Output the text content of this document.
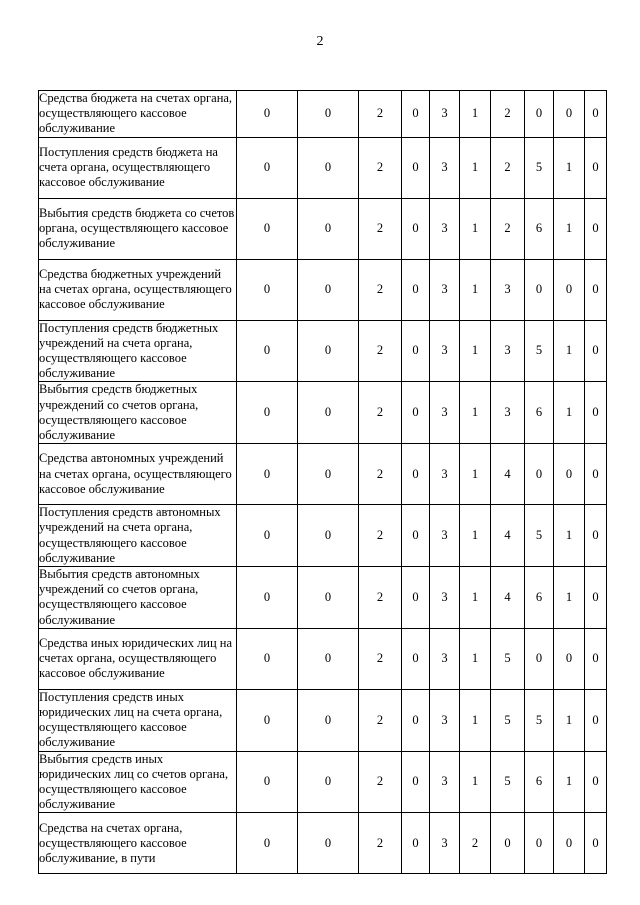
2
Средства бюджета на счетах органа, осуществляющего кассовое обслуживание	0	0	2	0	3	1	2	0	0	0
Поступления средств бюджета на счета органа, осуществляющего кассовое обслуживание	0	0	2	0	3	1	2	5	1	0
Выбытия средств бюджета со счетов органа, осуществляющего кассовое обслуживание	0	0	2	0	3	1	2	6	1	0
Средства бюджетных учреждений на счетах органа, осуществляющего кассовое обслуживание	0	0	2	0	3	1	3	0	0	0
Поступления средств бюджетных учреждений на счета органа, осуществляющего кассовое обслуживание	0	0	2	0	3	1	3	5	1	0
Выбытия средств бюджетных учреждений со счетов органа, осуществляющего кассовое обслуживание	0	0	2	0	3	1	3	6	1	0
Средства автономных учреждений на счетах органа, осуществляющего кассовое обслуживание	0	0	2	0	3	1	4	0	0	0
Поступления средств автономных учреждений на счета органа, осуществляющего кассовое обслуживание	0	0	2	0	3	1	4	5	1	0
Выбытия средств автономных учреждений со счетов органа, осуществляющего кассовое обслуживание	0	0	2	0	3	1	4	6	1	0
Средства иных юридических лиц на счетах органа, осуществляющего кассовое обслуживание	0	0	2	0	3	1	5	0	0	0
Поступления средств иных юридических лиц на счета органа, осуществляющего кассовое обслуживание	0	0	2	0	3	1	5	5	1	0
Выбытия средств иных юридических лиц со счетов органа, осуществляющего кассовое обслуживание	0	0	2	0	3	1	5	6	1	0
Средства на счетах органа, осуществляющего кассовое обслуживание, в пути	0	0	2	0	3	2	0	0	0	0
